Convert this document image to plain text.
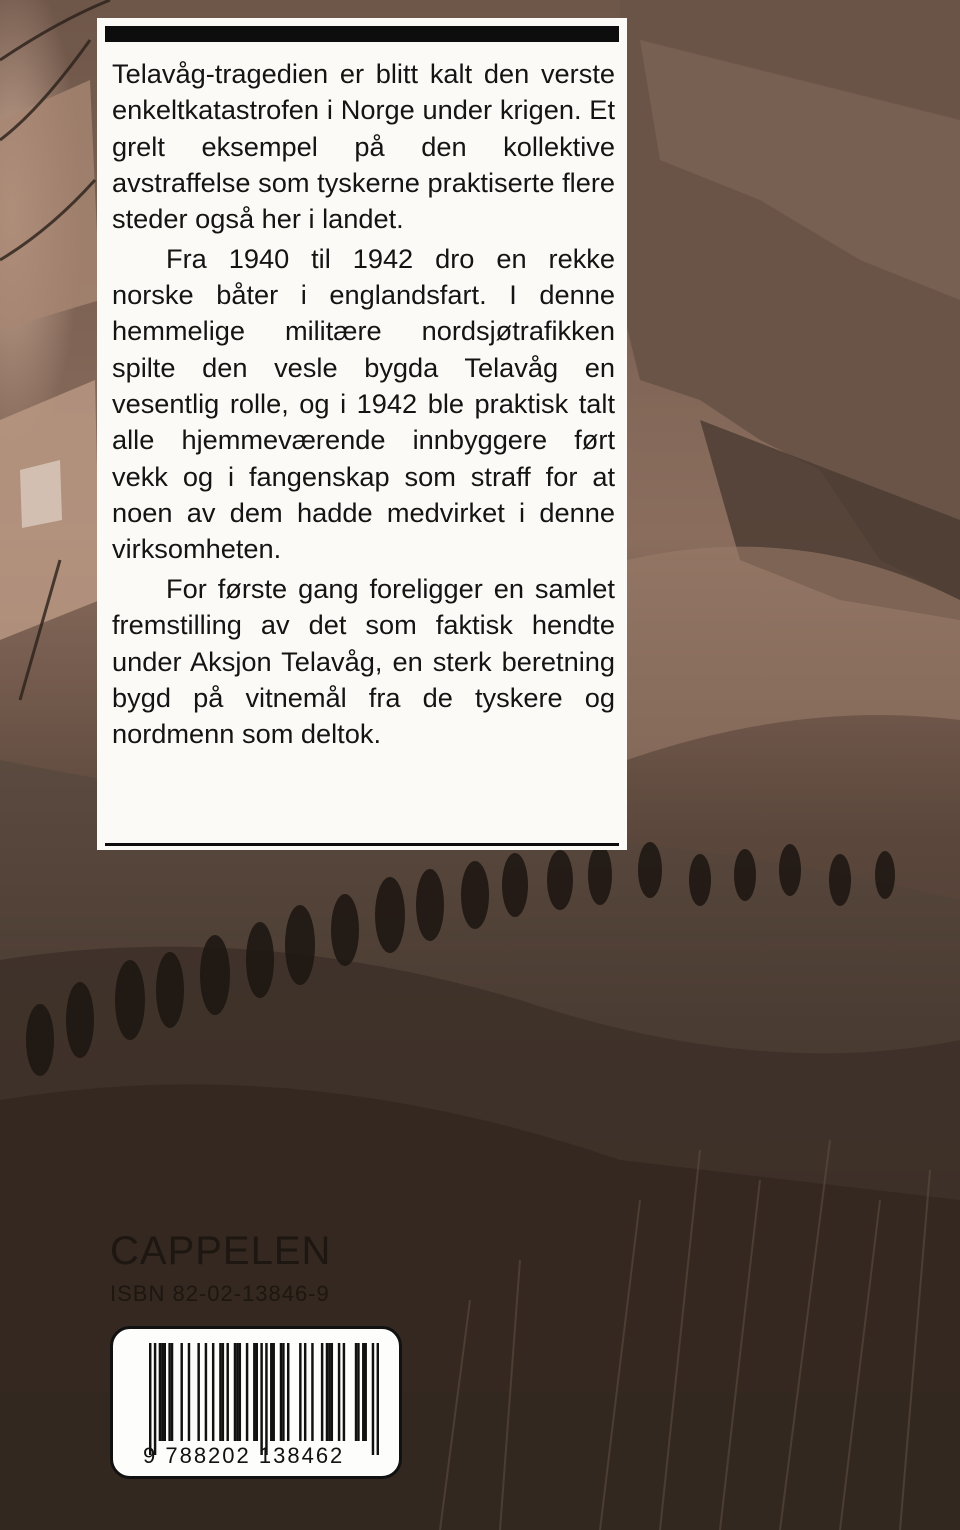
Telavåg-tragedien er blitt kalt den verste enkeltkatastrofen i Norge under krigen. Et grelt eksempel på den kollektive avstraffelse som tyskerne praktiserte flere steder også her i landet.

Fra 1940 til 1942 dro en rekke norske båter i englandsfart. I denne hemmelige militære nordsjøtrafikken spilte den vesle bygda Telavåg en vesentlig rolle, og i 1942 ble praktisk talt alle hjemmeværende innbyggere ført vekk og i fangenskap som straff for at noen av dem hadde medvirket i denne virksomheten.

For første gang foreligger en samlet fremstilling av det som faktisk hendte under Aksjon Telavåg, en sterk beretning bygd på vitnemål fra de tyskere og nordmenn som deltok.

CAPPELEN
ISBN 82-02-13846-9
9 788202 138462
